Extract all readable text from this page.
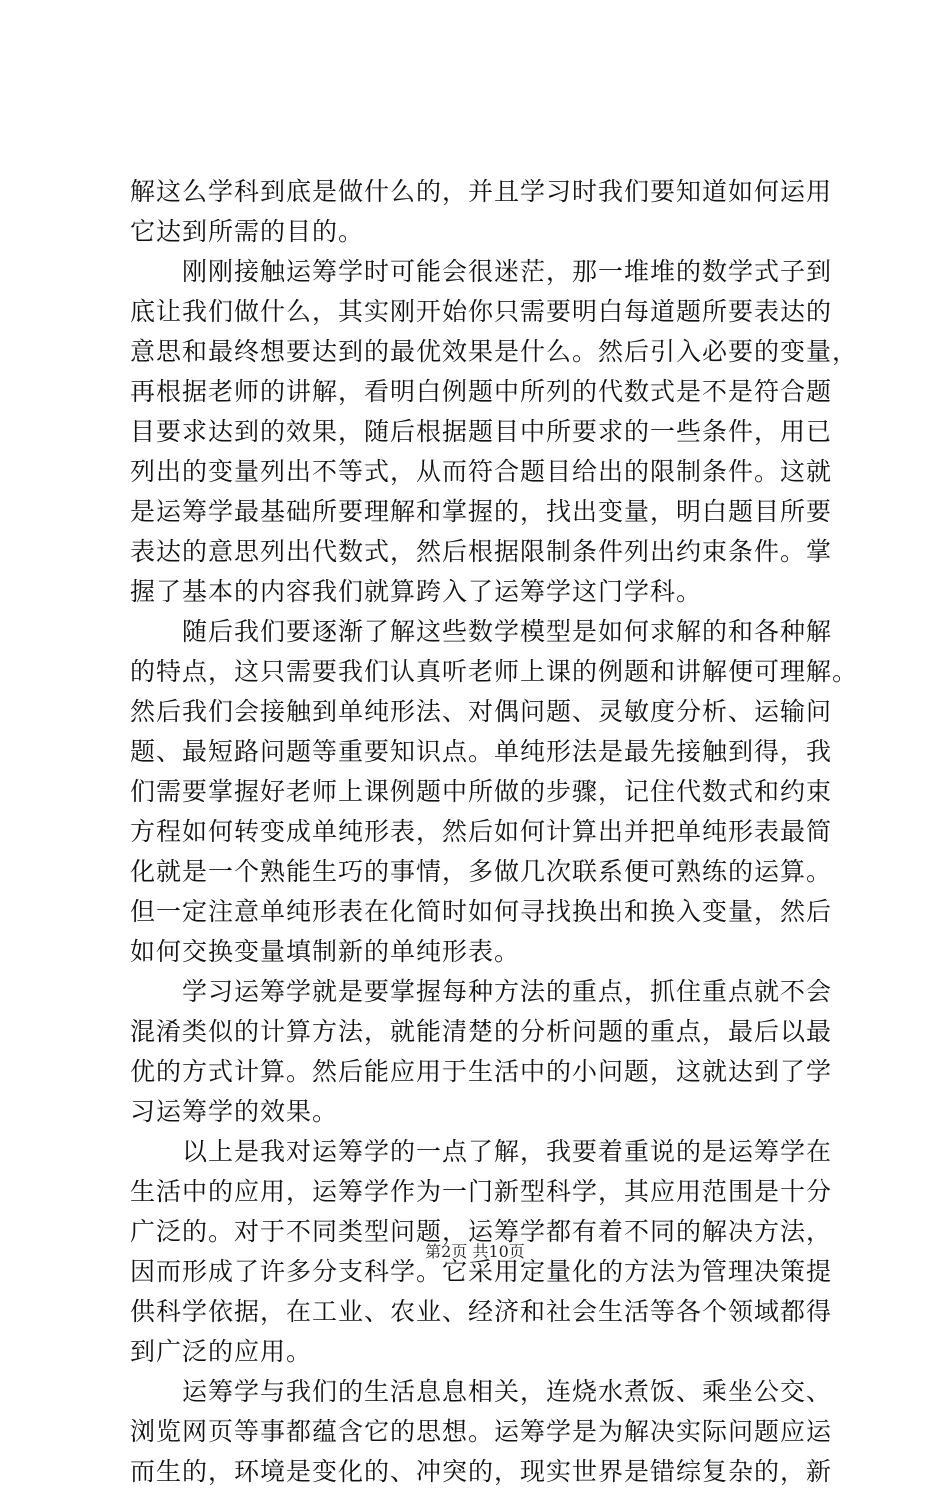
解这么学科到底是做什么的，并且学习时我们要知道如何运用
它达到所需的目的。
刚刚接触运筹学时可能会很迷茫，那一堆堆的数学式子到
底让我们做什么，其实刚开始你只需要明白每道题所要表达的
意思和最终想要达到的最优效果是什么。然后引入必要的变量，
再根据老师的讲解，看明白例题中所列的代数式是不是符合题
目要求达到的效果，随后根据题目中所要求的一些条件，用已
列出的变量列出不等式，从而符合题目给出的限制条件。这就
是运筹学最基础所要理解和掌握的，找出变量，明白题目所要
表达的意思列出代数式，然后根据限制条件列出约束条件。掌
握了基本的内容我们就算跨入了运筹学这门学科。
随后我们要逐渐了解这些数学模型是如何求解的和各种解
的特点，这只需要我们认真听老师上课的例题和讲解便可理解。
然后我们会接触到单纯形法、对偶问题、灵敏度分析、运输问
题、最短路问题等重要知识点。单纯形法是最先接触到得，我
们需要掌握好老师上课例题中所做的步骤，记住代数式和约束
方程如何转变成单纯形表，然后如何计算出并把单纯形表最简
化就是一个熟能生巧的事情，多做几次联系便可熟练的运算。
但一定注意单纯形表在化简时如何寻找换出和换入变量，然后
如何交换变量填制新的单纯形表。
学习运筹学就是要掌握每种方法的重点，抓住重点就不会
混淆类似的计算方法，就能清楚的分析问题的重点，最后以最
优的方式计算。然后能应用于生活中的小问题，这就达到了学
习运筹学的效果。
以上是我对运筹学的一点了解，我要着重说的是运筹学在
生活中的应用，运筹学作为一门新型科学，其应用范围是十分
广泛的。对于不同类型问题，运筹学都有着不同的解决方法，
因而形成了许多分支科学。它采用定量化的方法为管理决策提
供科学依据，在工业、农业、经济和社会生活等各个领域都得
到广泛的应用。
运筹学与我们的生活息息相关，连烧水煮饭、乘坐公交、
浏览网页等事都蕴含它的思想。运筹学是为解决实际问题应运
而生的，环境是变化的、冲突的，现实世界是错综复杂的，新
第2页 共10页
